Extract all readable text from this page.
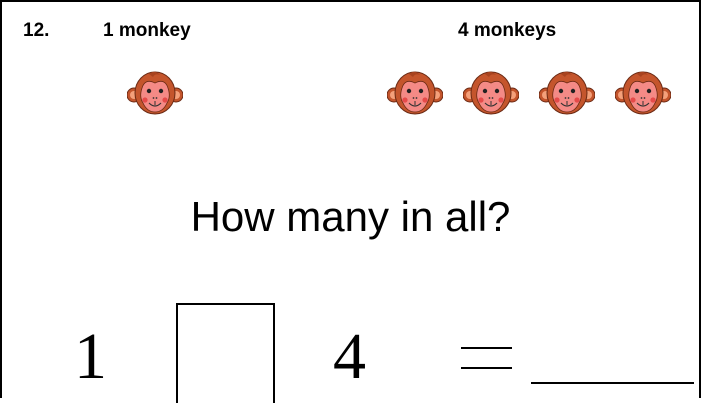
12.	1 monkey	4 monkeys
How many in all?
1	4
